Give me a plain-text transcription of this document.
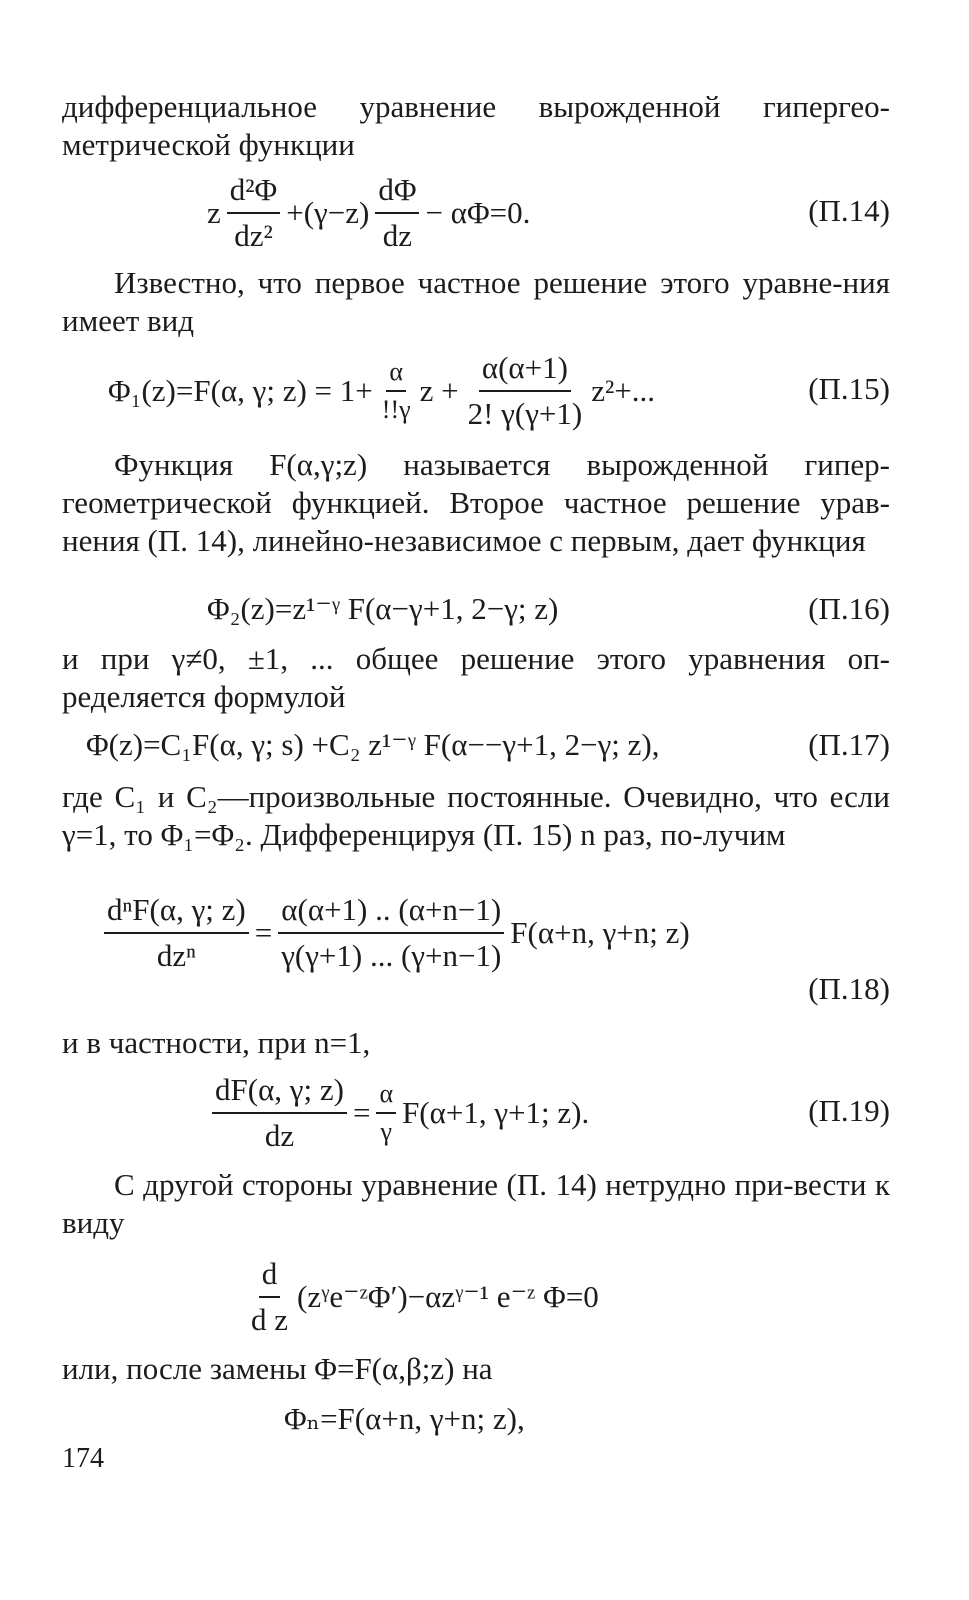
дифференциальное уравнение вырожденной гипергео-метрической функции
z $\frac{\text{d²Φ}}{\text{dz²}} +(\gamma-z) \frac{d\Phi}{dz} - \alpha\Phi=0$.	(П.14)
Известно, что первое частное решение этого уравне-ния имеет вид
Φ₁(z)=F(α, γ; $z) = 1+ \frac{\alpha}{!!\gamma}$ $z + \frac{\alpha(\alpha+1)}{2! \gamma(\gamma+1)} z^2+$...	(П.15)
Функция F(α,γ;z) называется вырожденной гипер-геометрической функцией. Второе частное решение урав-нения (П. 14), линейно-независимое с первым, дает функция
Φ₂(z)=z¹⁻ᵞ F(α−γ+1, 2−γ; z)	(П.16)
и при γ≠0, ±1, ... общее решение этого уравнения оп-ределяется формулой
Φ(z)=C₁F(α, γ; s) +C₂ z¹⁻ᵞ F(α−−γ+1, 2−γ; z),	(П.17)
где C₁ и C₂—произвольные постоянные. Очевидно, что если γ=1, то Φ₁=Φ₂. Дифференцируя (П. 15) n раз, по-лучим
$\frac{\text{dⁿF(α, γ; z)}}{\text{dzⁿ}} = \frac{\alpha(\alpha+1) .. (\alpha+n-1)}{\gamma(\gamma+1) ... (\gamma+n-1)} F(\alpha+n$, γ+n; z)
(П.18)
и в частности, при n=1,
$\frac{dF(\alpha, \gamma; z)}{dz} = \frac{\alpha}{\gamma} F(\alpha+1$, γ+1; z).	(П.19)
С другой стороны уравнение (П. 14) нетрудно при-вести к виду
$\frac{d}{\text{d z}}$ (zᵞe⁻ᶻΦ′)−αzᵞ⁻¹ e⁻ᶻ Φ=0
или, после замены Φ=F(α,β;z) на
Φₙ=F(α+n, γ+n; z),
174
